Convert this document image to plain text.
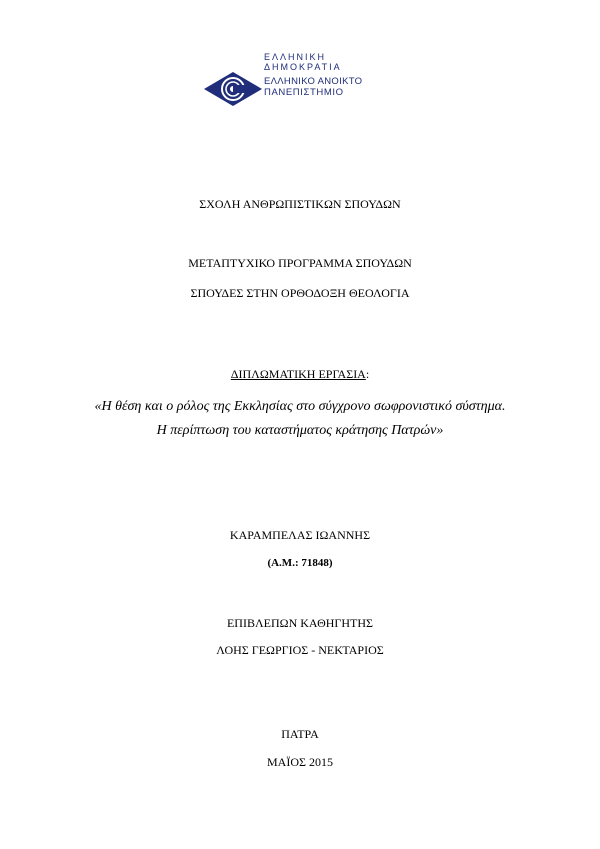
ΕΛΛΗΝΙΚΗ
ΔΗΜΟΚΡΑΤΙΑ
ΕΛΛΗΝΙΚΟ ΑΝΟΙΚΤΟ
ΠΑΝΕΠΙΣΤΗΜΙΟ
ΣΧΟΛΗ ΑΝΘΡΩΠΙΣΤΙΚΩΝ ΣΠΟΥΔΩΝ
ΜΕΤΑΠΤΥΧΙΚΟ ΠΡΟΓΡΑΜΜΑ ΣΠΟΥΔΩΝ
ΣΠΟΥΔΕΣ ΣΤΗΝ ΟΡΘΟΔΟΞΗ ΘΕΟΛΟΓΙΑ
ΔΙΠΛΩΜΑΤΙΚΗ ΕΡΓΑΣΙΑ:
«Η θέση και ο ρόλος της Εκκλησίας στο σύγχρονο σωφρονιστικό σύστημα. Η περίπτωση του καταστήματος κράτησης Πατρών»
ΚΑΡΑΜΠΕΛΑΣ ΙΩΑΝΝΗΣ
(Α.Μ.: 71848)
ΕΠΙΒΛΕΠΩΝ ΚΑΘΗΓΗΤΗΣ
ΛΟΗΣ ΓΕΩΡΓΙΟΣ - ΝΕΚΤΑΡΙΟΣ
ΠΑΤΡΑ
ΜΑΪΟΣ 2015
